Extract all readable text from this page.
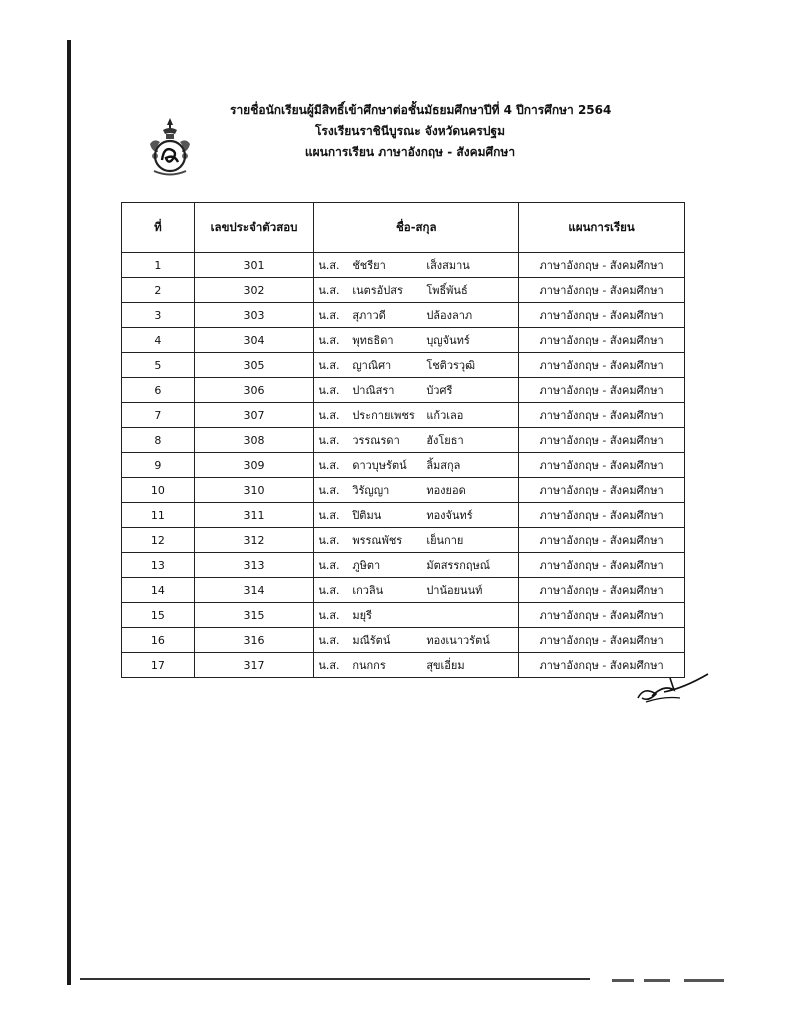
รายชื่อนักเรียนผู้มีสิทธิ์เข้าศึกษาต่อชั้นมัธยมศึกษาปีที่ 4 ปีการศึกษา 2564
โรงเรียนราชินีบูรณะ จังหวัดนครปฐม
แผนการเรียน ภาษาอังกฤษ - สังคมศึกษา
ที่	เลขประจำตัวสอบ	ชื่อ-สกุล	แผนการเรียน
1	301	น.ส. ชัชรียา เส็งสมาน	ภาษาอังกฤษ - สังคมศึกษา
2	302	น.ส. เนตรอัปสร โพธิ์พันธ์	ภาษาอังกฤษ - สังคมศึกษา
3	303	น.ส. สุภาวดี ปล้องลาภ	ภาษาอังกฤษ - สังคมศึกษา
4	304	น.ส. พุทธธิดา บุญจันทร์	ภาษาอังกฤษ - สังคมศึกษา
5	305	น.ส. ญาณิศา โชติวรวุฒิ	ภาษาอังกฤษ - สังคมศึกษา
6	306	น.ส. ปาณิสรา บัวศรี	ภาษาอังกฤษ - สังคมศึกษา
7	307	น.ส. ประกายเพชร แก้วเลอ	ภาษาอังกฤษ - สังคมศึกษา
8	308	น.ส. วรรณรดา ฮังโยธา	ภาษาอังกฤษ - สังคมศึกษา
9	309	น.ส. ดาวบุษรัตน์ ลิ้มสกุล	ภาษาอังกฤษ - สังคมศึกษา
10	310	น.ส. วิรัญญา ทองยอด	ภาษาอังกฤษ - สังคมศึกษา
11	311	น.ส. ปิติมน ทองจันทร์	ภาษาอังกฤษ - สังคมศึกษา
12	312	น.ส. พรรณพัชร เย็นกาย	ภาษาอังกฤษ - สังคมศึกษา
13	313	น.ส. ภูษิตา มัตสรรกฤษณ์	ภาษาอังกฤษ - สังคมศึกษา
14	314	น.ส. เกวลิน ปาน้อยนนท์	ภาษาอังกฤษ - สังคมศึกษา
15	315	น.ส. มยุรี	ภาษาอังกฤษ - สังคมศึกษา
16	316	น.ส. มณีรัตน์ ทองเนาวรัตน์	ภาษาอังกฤษ - สังคมศึกษา
17	317	น.ส. กนกกร สุขเอี่ยม	ภาษาอังกฤษ - สังคมศึกษา
